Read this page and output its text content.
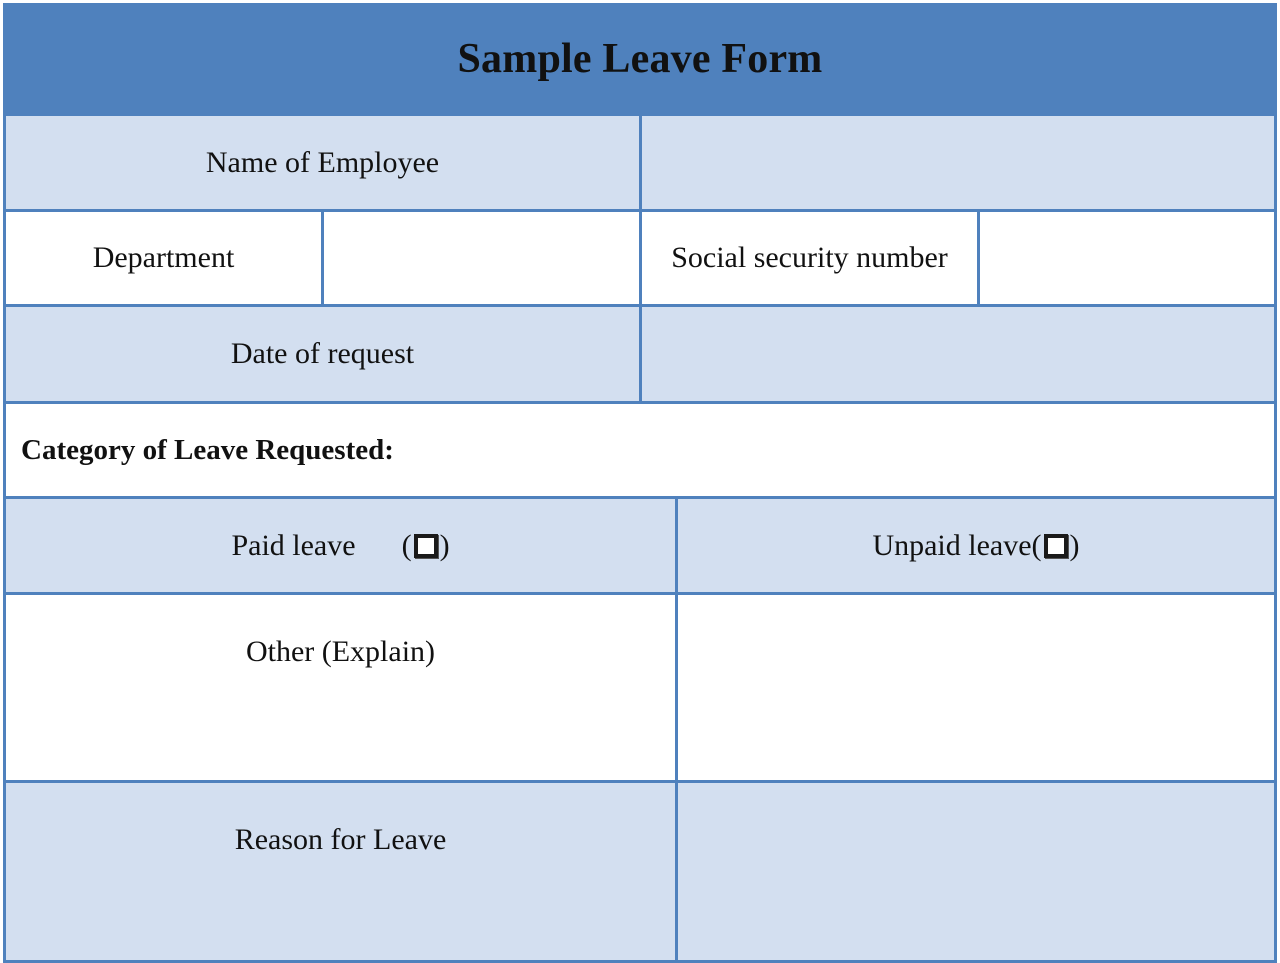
Sample Leave Form
Name of Employee
Department	Social security number
Date of request
Category of Leave Requested:
Paid leave ( )	Unpaid leave ( )
Other (Explain)
Reason for Leave
